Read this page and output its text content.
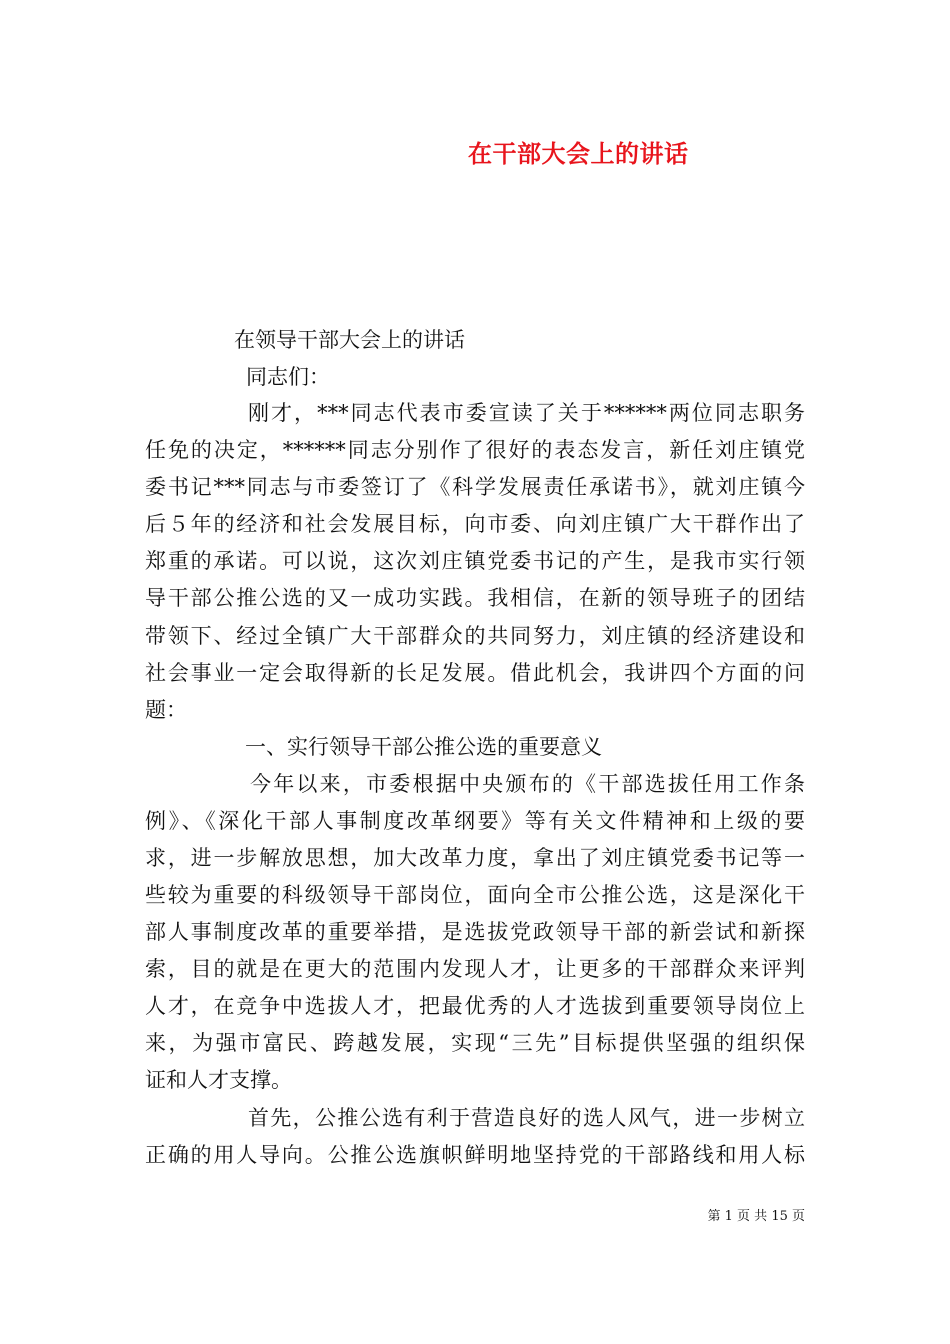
在干部大会上的讲话
在领导干部大会上的讲话
同志们：
刚才，***同志代表市委宣读了关于******两位同志职务
任免的决定，******同志分别作了很好的表态发言，新任刘庄镇党
委书记***同志与市委签订了《科学发展责任承诺书》，就刘庄镇今
后５年的经济和社会发展目标，向市委、向刘庄镇广大干群作出了
郑重的承诺。可以说，这次刘庄镇党委书记的产生，是我市实行领
导干部公推公选的又一成功实践。我相信，在新的领导班子的团结
带领下、经过全镇广大干部群众的共同努力，刘庄镇的经济建设和
社会事业一定会取得新的长足发展。借此机会，我讲四个方面的问
题：
一、实行领导干部公推公选的重要意义
今年以来，市委根据中央颁布的《干部选拔任用工作条
例》、《深化干部人事制度改革纲要》等有关文件精神和上级的要
求，进一步解放思想，加大改革力度，拿出了刘庄镇党委书记等一
些较为重要的科级领导干部岗位，面向全市公推公选，这是深化干
部人事制度改革的重要举措，是选拔党政领导干部的新尝试和新探
索，目的就是在更大的范围内发现人才，让更多的干部群众来评判
人才，在竞争中选拔人才，把最优秀的人才选拔到重要领导岗位上
来，为强市富民、跨越发展，实现“三先”目标提供坚强的组织保
证和人才支撑。
首先，公推公选有利于营造良好的选人风气，进一步树立
正确的用人导向。公推公选旗帜鲜明地坚持党的干部路线和用人标
第 1 页 共 15 页
